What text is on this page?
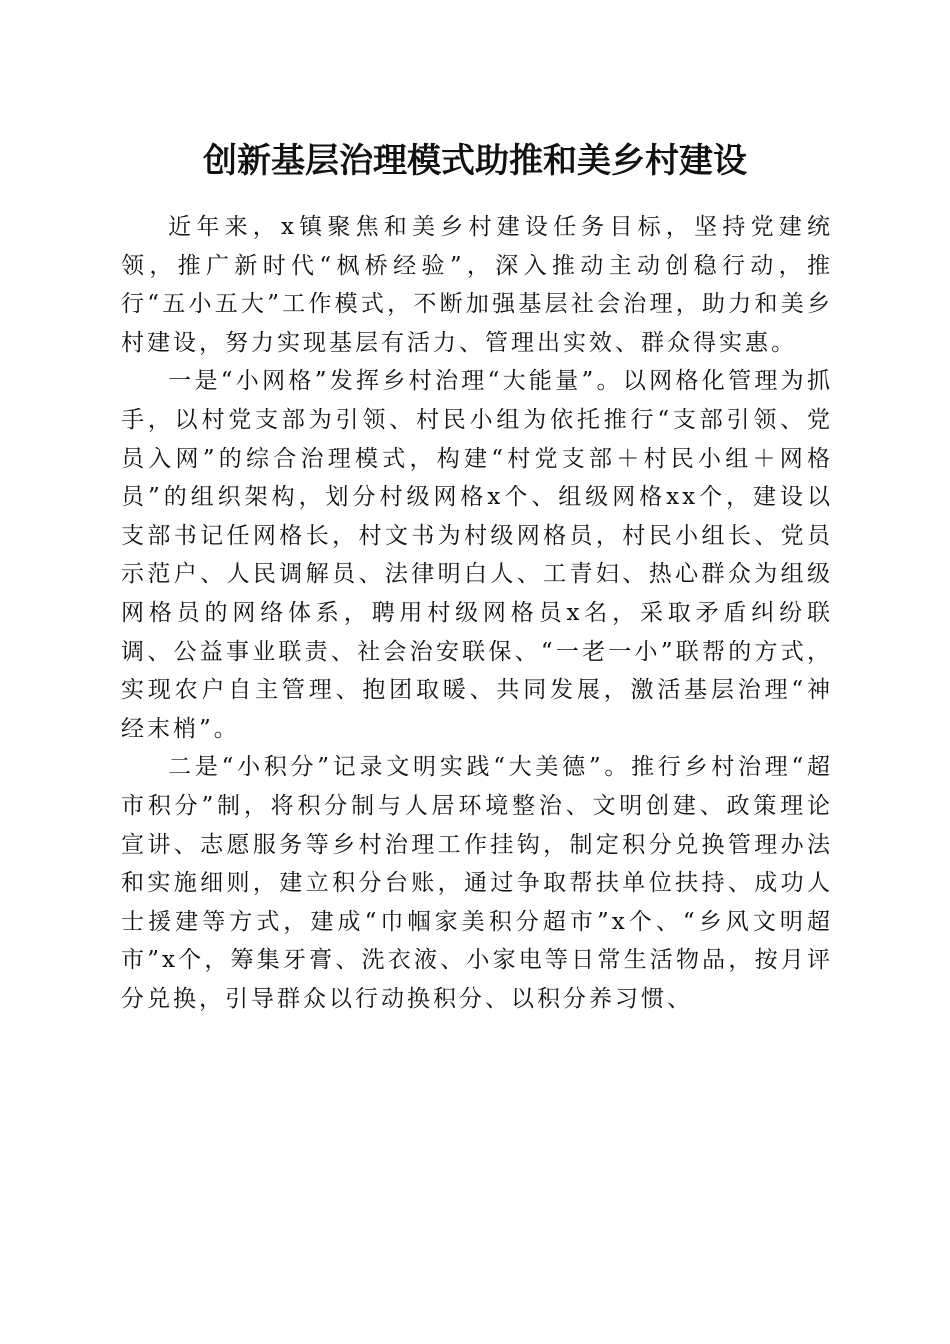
创新基层治理模式助推和美乡村建设

近年来，x镇聚焦和美乡村建设任务目标，坚持党建统领，推广新时代“枫桥经验”，深入推动主动创稳行动，推行“五小五大”工作模式，不断加强基层社会治理，助力和美乡村建设，努力实现基层有活力、管理出实效、群众得实惠。

一是“小网格”发挥乡村治理“大能量”。以网格化管理为抓手，以村党支部为引领、村民小组为依托推行“支部引领、党员入网”的综合治理模式，构建“村党支部＋村民小组＋网格员”的组织架构，划分村级网格x个、组级网格xx个，建设以支部书记任网格长，村文书为村级网格员，村民小组长、党员示范户、人民调解员、法律明白人、工青妇、热心群众为组级网格员的网络体系，聘用村级网格员x名，采取矛盾纠纷联调、公益事业联责、社会治安联保、“一老一小”联帮的方式，实现农户自主管理、抱团取暖、共同发展，激活基层治理“神经末梢”。

二是“小积分”记录文明实践“大美德”。推行乡村治理“超市积分”制，将积分制与人居环境整治、文明创建、政策理论宣讲、志愿服务等乡村治理工作挂钩，制定积分兑换管理办法和实施细则，建立积分台账，通过争取帮扶单位扶持、成功人士援建等方式，建成“巾帼家美积分超市”x个、“乡风文明超市”x个，筹集牙膏、洗衣液、小家电等日常生活物品，按月评分兑换，引导群众以行动换积分、以积分养习惯、
